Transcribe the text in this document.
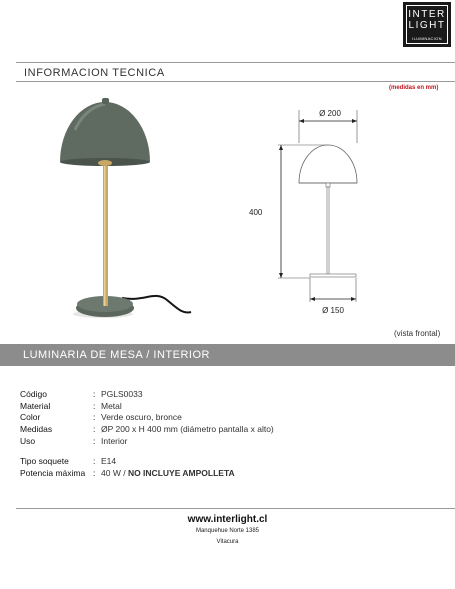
INTER
LIGHT
ILUMINACION
INFORMACION TECNICA
(medidas en mm)
Ø 200
400
Ø 150
(vista frontal)
LUMINARIA DE MESA / INTERIOR
Código	: PGLS0033
Material	: Metal
Color	: Verde oscuro, bronce
Medidas	: ØP 200 x H 400 mm (diámetro pantalla x alto)
Uso	: Interior
Tipo soquete	: E14
Potencia máxima : 40 W / NO INCLUYE AMPOLLETA
www.interlight.cl
Manquehue Norte 1385
Vitacura
